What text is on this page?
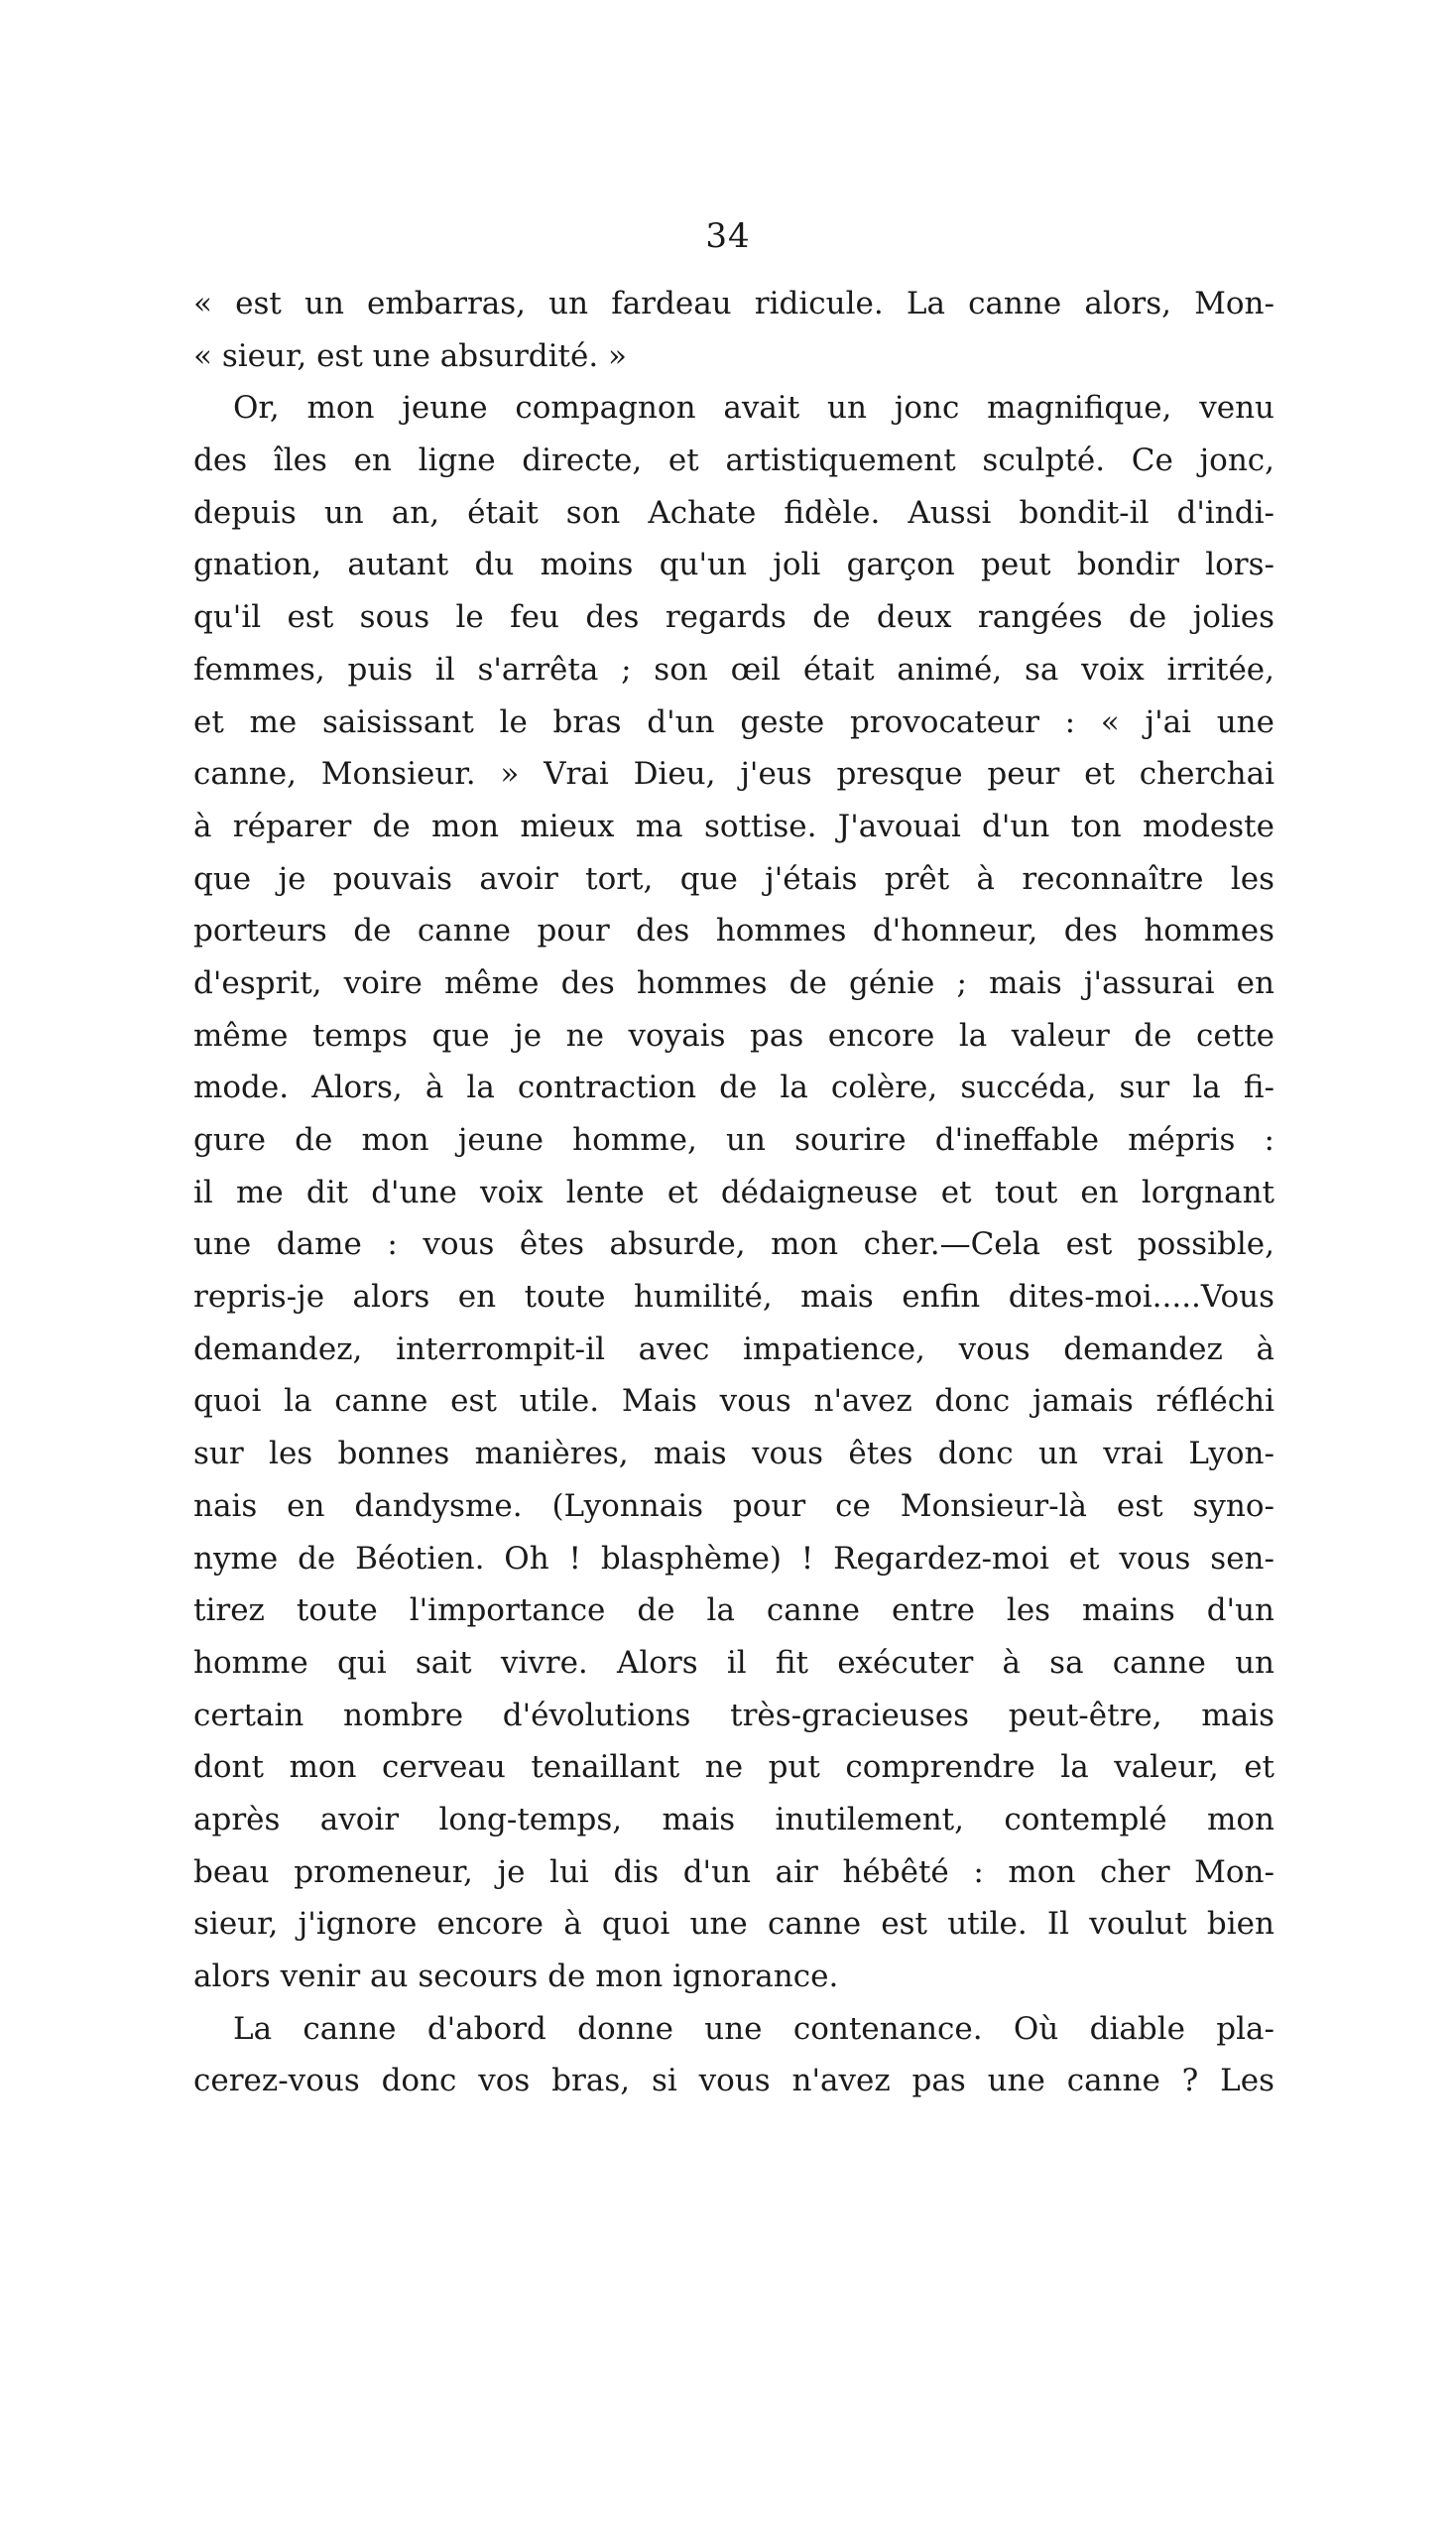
34
« est un embarras, un fardeau ridicule. La canne alors, Mon-
« sieur, est une absurdité. »
Or, mon jeune compagnon avait un jonc magnifique, venu
des îles en ligne directe, et artistiquement sculpté. Ce jonc,
depuis un an, était son Achate fidèle. Aussi bondit-il d'indi-
gnation, autant du moins qu'un joli garçon peut bondir lors-
qu'il est sous le feu des regards de deux rangées de jolies
femmes, puis il s'arrêta ; son œil était animé, sa voix irritée,
et me saisissant le bras d'un geste provocateur : « j'ai une
canne, Monsieur. » Vrai Dieu, j'eus presque peur et cherchai
à réparer de mon mieux ma sottise. J'avouai d'un ton modeste
que je pouvais avoir tort, que j'étais prêt à reconnaître les
porteurs de canne pour des hommes d'honneur, des hommes
d'esprit, voire même des hommes de génie ; mais j'assurai en
même temps que je ne voyais pas encore la valeur de cette
mode. Alors, à la contraction de la colère, succéda, sur la fi-
gure de mon jeune homme, un sourire d'ineffable mépris :
il me dit d'une voix lente et dédaigneuse et tout en lorgnant
une dame : vous êtes absurde, mon cher.—Cela est possible,
repris-je alors en toute humilité, mais enfin dites-moi.....Vous
demandez, interrompit-il avec impatience, vous demandez à
quoi la canne est utile. Mais vous n'avez donc jamais réfléchi
sur les bonnes manières, mais vous êtes donc un vrai Lyon-
nais en dandysme. (Lyonnais pour ce Monsieur-là est syno-
nyme de Béotien. Oh ! blasphème) ! Regardez-moi et vous sen-
tirez toute l'importance de la canne entre les mains d'un
homme qui sait vivre. Alors il fit exécuter à sa canne un
certain nombre d'évolutions très-gracieuses peut-être, mais
dont mon cerveau tenaillant ne put comprendre la valeur, et
après avoir long-temps, mais inutilement, contemplé mon
beau promeneur, je lui dis d'un air hébêté : mon cher Mon-
sieur, j'ignore encore à quoi une canne est utile. Il voulut bien
alors venir au secours de mon ignorance.
La canne d'abord donne une contenance. Où diable pla-
cerez-vous donc vos bras, si vous n'avez pas une canne ? Les
